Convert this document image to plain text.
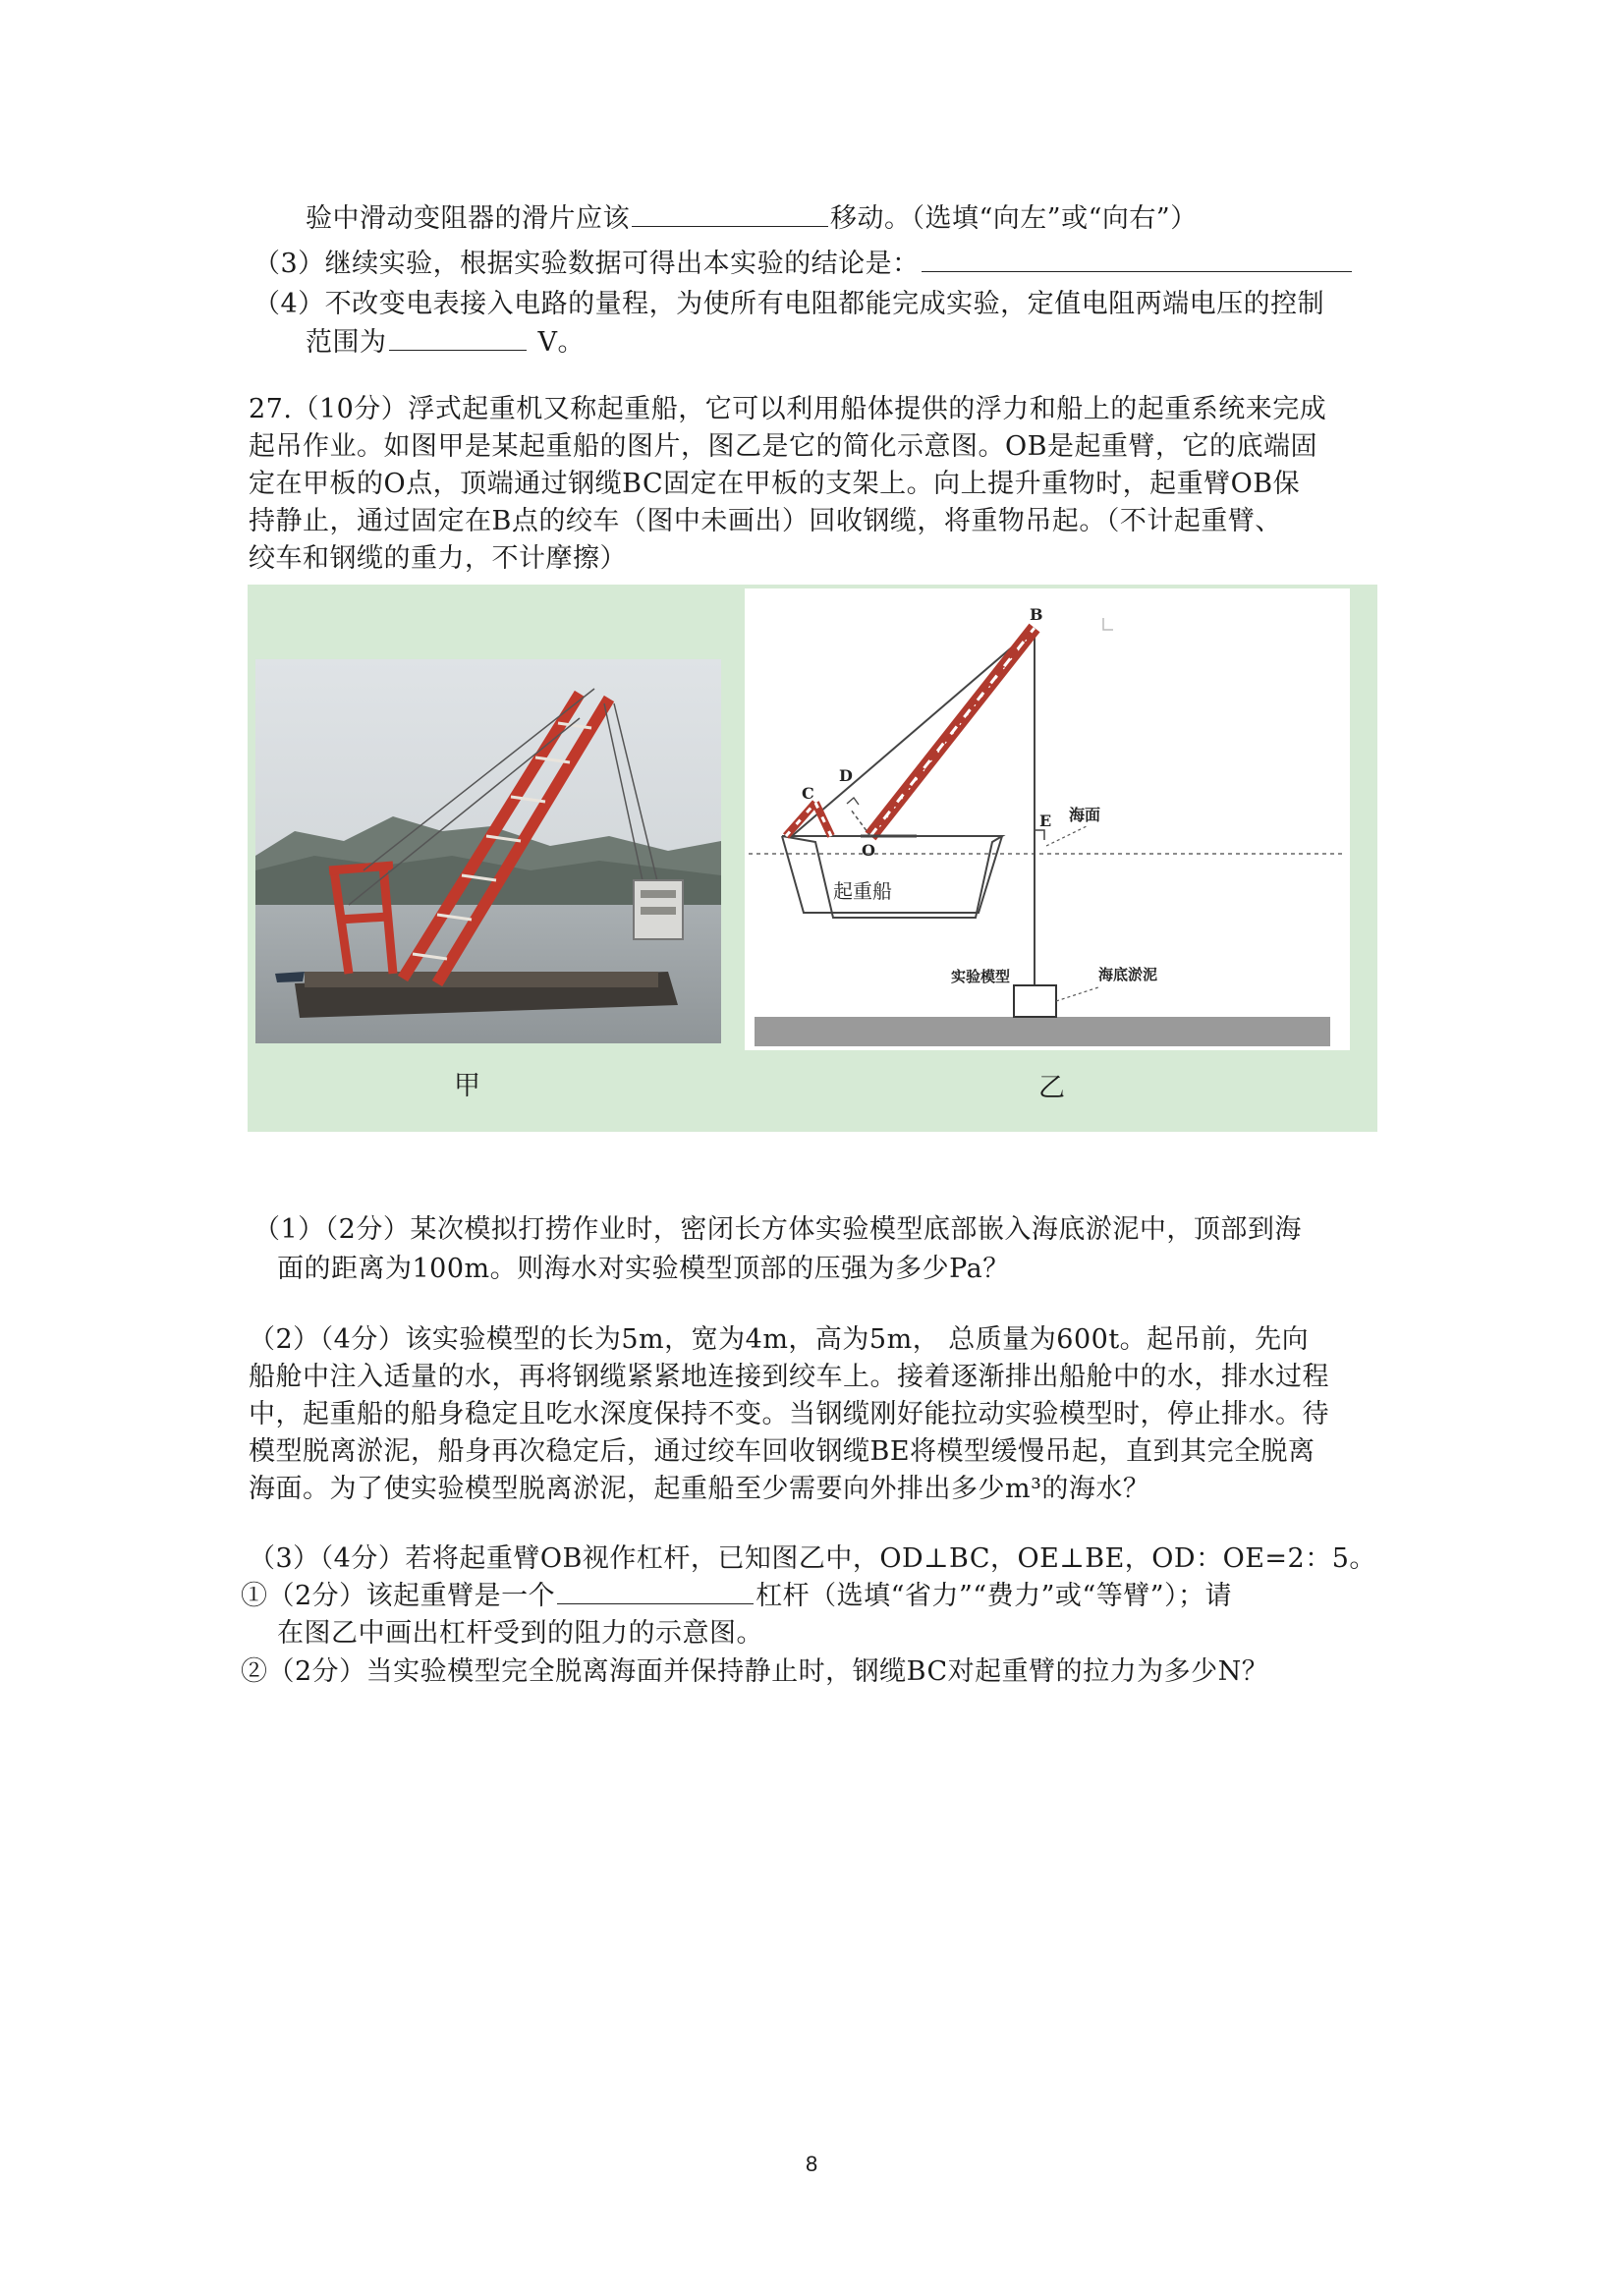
验中滑动变阻器的滑片应该	移动。（选填“向左”或“向右”）
（3）继续实验，根据实验数据可得出本实验的结论是：
（4）不改变电表接入电路的量程，为使所有电阻都能完成实验，定值电阻两端电压的控制
范围为	V。
27.（10分）浮式起重机又称起重船，它可以利用船体提供的浮力和船上的起重系统来完成
起吊作业。如图甲是某起重船的图片，图乙是它的简化示意图。OB是起重臂，它的底端固
定在甲板的O点，顶端通过钢缆BC固定在甲板的支架上。向上提升重物时，起重臂OB保
持静止，通过固定在B点的绞车（图中未画出）回收钢缆，将重物吊起。（不计起重臂、
绞车和钢缆的重力，不计摩擦）
B
C
D
O
E 海面
起重船
实验模型	海底淤泥
甲	乙
（1）（2分）某次模拟打捞作业时，密闭长方体实验模型底部嵌入海底淤泥中，顶部到海
面的距离为100m。则海水对实验模型顶部的压强为多少Pa？
（2）（4分）该实验模型的长为5m，宽为4m，高为5m， 总质量为600t。起吊前，先向
船舱中注入适量的水，再将钢缆紧紧地连接到绞车上。接着逐渐排出船舱中的水，排水过程
中，起重船的船身稳定且吃水深度保持不变。当钢缆刚好能拉动实验模型时，停止排水。待
模型脱离淤泥，船身再次稳定后，通过绞车回收钢缆BE将模型缓慢吊起，直到其完全脱离
海面。为了使实验模型脱离淤泥，起重船至少需要向外排出多少m³的海水？
（3）（4分）若将起重臂OB视作杠杆，已知图乙中，OD⊥BC，OE⊥BE，OD：OE=2：5。
①（2分）该起重臂是一个	杠杆（选填“省力”“费力”或“等臂”）；请
在图乙中画出杠杆受到的阻力的示意图。
②（2分）当实验模型完全脱离海面并保持静止时，钢缆BC对起重臂的拉力为多少N？
8
